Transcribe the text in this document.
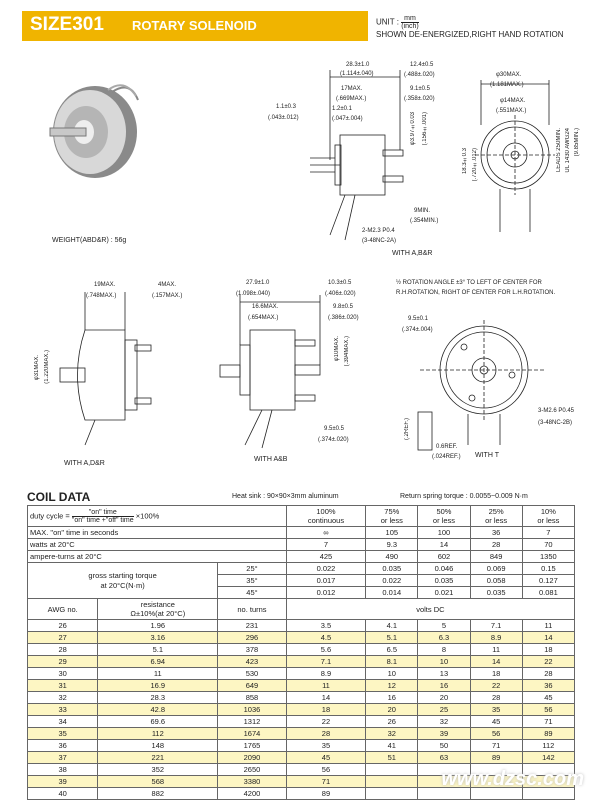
SIZE301 ROTARY SOLENOID	UNIT : $\frac{mm}{\text{(inch)}}$

SHOWN DE-ENERGIZED,RIGHT HAND ROTATION
WEIGHT(ABD&R) : 56g
28.3±1.0
(1.114±.040)
17MAX.
(.669MAX.)
1.2±0.1
(.047±.004)
1.1±0.3
(.043±.012)
12.4±0.5
(.488±.020)
9.1±0.5
(.358±.020)
φ3.97±0.03 (.156±.001)
9MIN.
(.354MIN.)
2-M2.3 P0.4
(3-48NC-2A)
WITH A,B&R
φ30MAX.
(1.181MAX.)
φ14MAX.
(.551MAX.)
18.3±0.3 (.720±.012)	LEADS 250MIN. UL 1430 AWG24 (9.85MIN.)
19MAX.
(.748MAX.)
4MAX.
(.157MAX.)
φ31MAX. (1.220MAX.)
WITH A,D&R
27.9±1.0
(1.098±.040)
16.6MAX.
(.654MAX.)
10.3±0.5
(.406±.020)
9.8±0.5
(.386±.020)
φ10MAX. (.394MAX.)
9.5±0.5
(.374±.020)
WITH A&B
½ ROTATION ANGLE ±3° TO LEFT OF CENTER FOR
R.H.ROTATION, RIGHT OF CENTER FOR L.H.ROTATION.
9.5±0.1
(.374±.004)
3-M2.6 P0.45
(3-48NC-2B)
0.6REF.
(.024REF.)
(.2REF.)
WITH T
COIL DATA	Heat sink : 90×90×3mm aluminum	Return spring torque : 0.0055~0.009 N·m
duty cycle = $\frac{\text{"on" time}}{\text{"on" time +"off" time}} \times 100\%$			100%
continuous	75%
or less	50%
or less	25%
or less	10%
or less
MAX. "on" time in seconds			∞	105	100	36	7
watts at 20°C			7	9.3	14	28	70
ampere-turns at 20°C			425	490	602	849	1350
gross starting torque
at 20°C(N·m)		25°	0.022	0.035	0.046	0.069	0.15
		35°	0.017	0.022	0.035	0.058	0.127
		45°	0.012	0.014	0.021	0.035	0.081
AWG no.	resistance
Ω±10%(at 20°C)	no. turns	volts DC				
26	1.96	231	3.5	4.1	5	7.1	11
27	3.16	296	4.5	5.1	6.3	8.9	14
28	5.1	378	5.6	6.5	8	11	18
29	6.94	423	7.1	8.1	10	14	22
30	11	530	8.9	10	13	18	28
31	16.9	649	11	12	16	22	36
32	28.3	858	14	16	20	28	45
33	42.8	1036	18	20	25	35	56
34	69.6	1312	22	26	32	45	71
35	112	1674	28	32	39	56	89
36	148	1765	35	41	50	71	112
37	221	2090	45	51	63	89	142
38	352	2650	56				
39	568	3380	71				
40	882	4200	89				
www.dzsc.com
